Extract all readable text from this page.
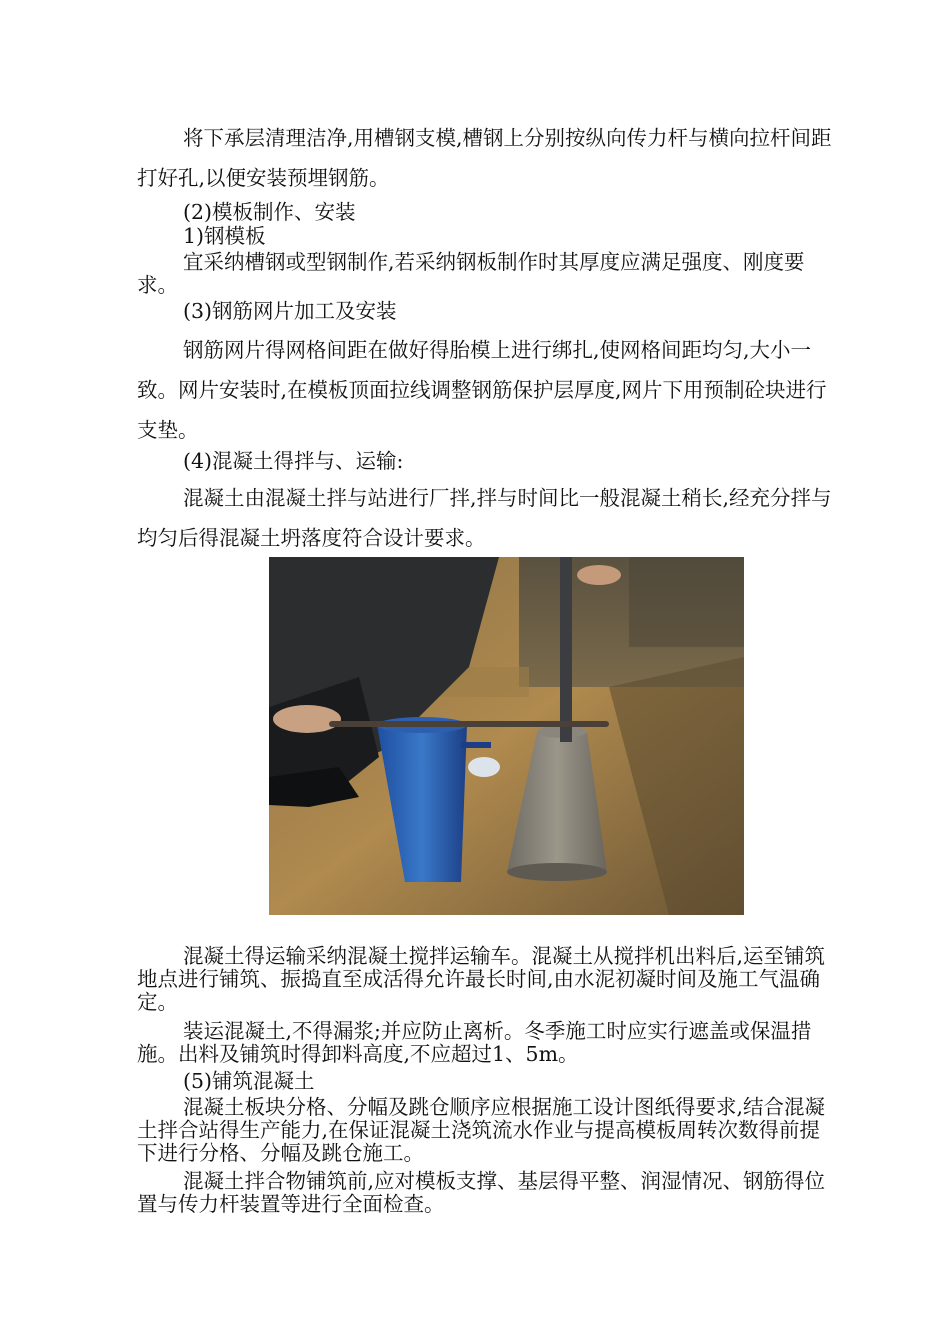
将下承层清理洁净,用槽钢支模,槽钢上分别按纵向传力杆与横向拉杆间距打好孔,以便安装预埋钢筋。

(2)模板制作、安装

1)钢模板

宜采纳槽钢或型钢制作,若采纳钢板制作时其厚度应满足强度、刚度要求。

(3)钢筋网片加工及安装

钢筋网片得网格间距在做好得胎模上进行绑扎,使网格间距均匀,大小一致。网片安装时,在模板顶面拉线调整钢筋保护层厚度,网片下用预制砼块进行支垫。

(4)混凝土得拌与、运输:

混凝土由混凝土拌与站进行厂拌,拌与时间比一般混凝土稍长,经充分拌与均匀后得混凝土坍落度符合设计要求。

混凝土得运输采纳混凝土搅拌运输车。混凝土从搅拌机出料后,运至铺筑地点进行铺筑、振捣直至成活得允许最长时间,由水泥初凝时间及施工气温确定。

装运混凝土,不得漏浆;并应防止离析。冬季施工时应实行遮盖或保温措施。出料及铺筑时得卸料高度,不应超过1、5m。

(5)铺筑混凝土

混凝土板块分格、分幅及跳仓顺序应根据施工设计图纸得要求,结合混凝土拌合站得生产能力,在保证混凝土浇筑流水作业与提高模板周转次数得前提下进行分格、分幅及跳仓施工。

混凝土拌合物铺筑前,应对模板支撑、基层得平整、润湿情况、钢筋得位置与传力杆装置等进行全面检查。
